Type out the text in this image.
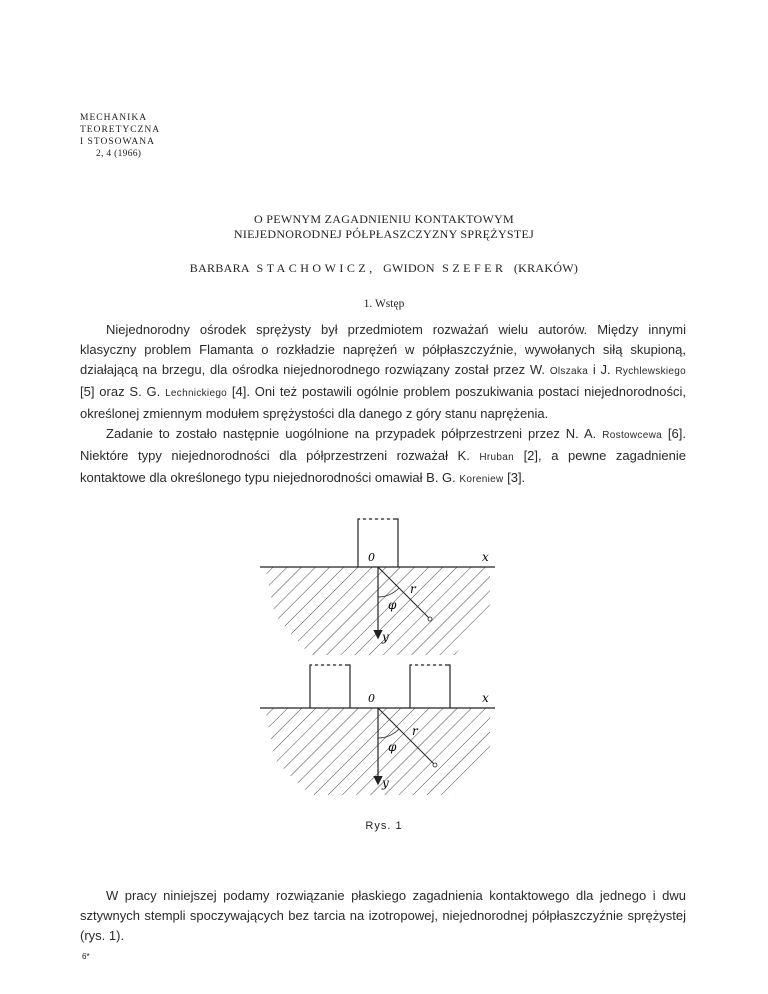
MECHANIKA
TEORETYCZNA
I STOSOWANA
2, 4 (1966)
O PEWNYM ZAGADNIENIU KONTAKTOWYM
NIEJEDNORODNEJ PÓŁPŁASZCZYZNY SPRĘŻYSTEJ
BARBARA STACHOWICZ, GWIDON SZEFER (KRAKÓW)
1. Wstęp

Niejednorodny ośrodek sprężysty był przedmiotem rozważań wielu autorów. Między innymi klasyczny problem Flamanta o rozkładzie naprężeń w półpłaszczyźnie, wywołanych siłą skupioną, działającą na brzegu, dla ośrodka niejednorodnego rozwiązany został przez W. Olszaka i J. Rychlewskiego [5] oraz S. G. Lechnickiego [4]. Oni też postawili ogólnie problem poszukiwania postaci niejednorodności, określonej zmiennym modułem sprężystości dla danego z góry stanu naprężenia.

Zadanie to zostało następnie uogólnione na przypadek półprzestrzeni przez N. A. Rostowcewa [6]. Niektóre typy niejednorodności dla półprzestrzeni rozważał K. Hruban [2], a pewne zagadnienie kontaktowe dla określonego typu niejednorodności omawiał B. G. Koreniew [3].

0	x
y
r
φ
0	x
y
r
φ
Rys. 1

W pracy niniejszej podamy rozwiązanie płaskiego zagadnienia kontaktowego dla jednego i dwu sztywnych stempli spoczywających bez tarcia na izotropowej, niejednorodnej półpłaszczyźnie sprężystej (rys. 1).

6*
